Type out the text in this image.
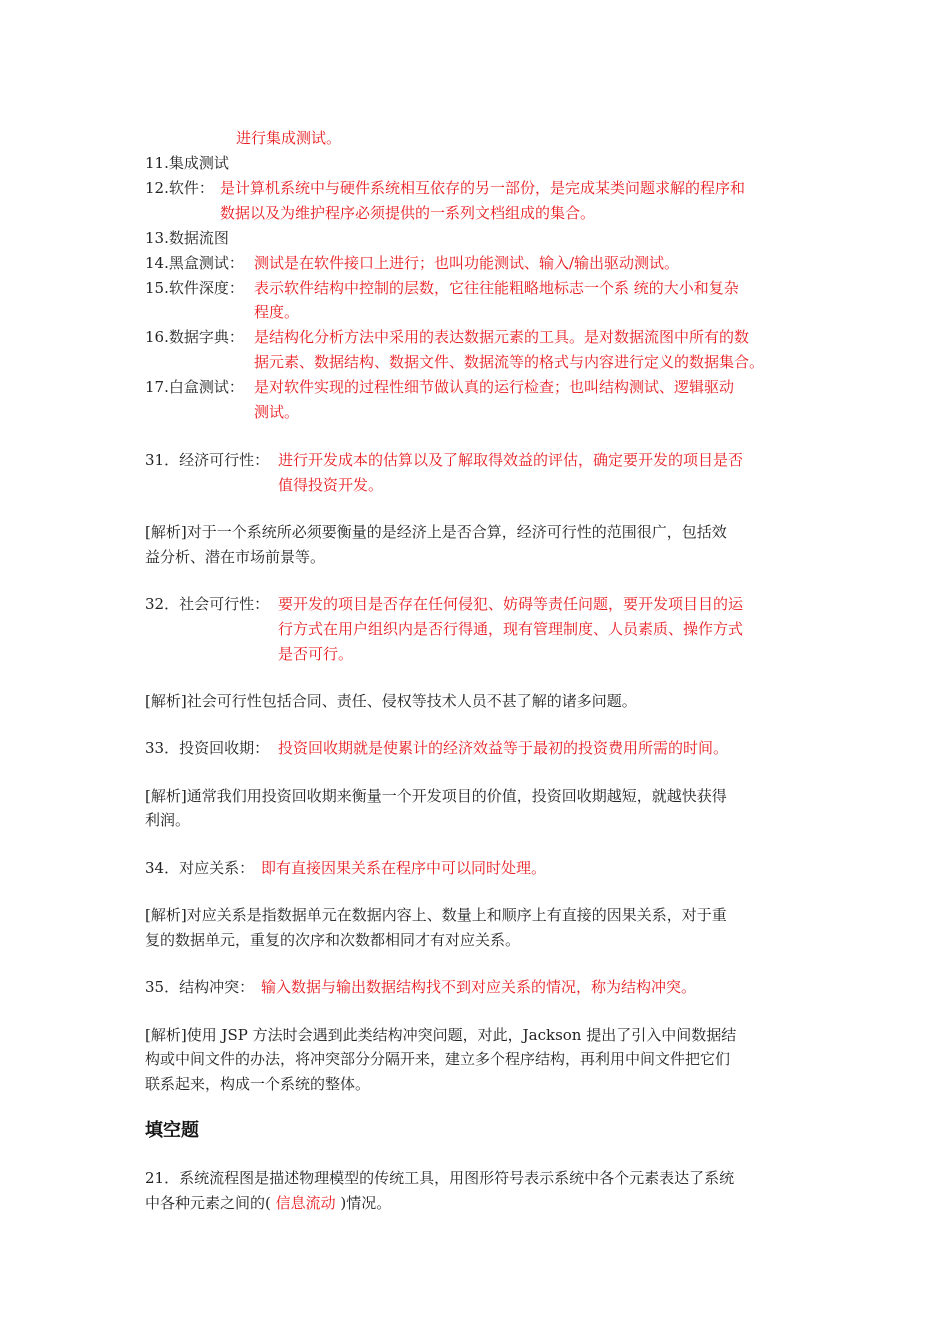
进行集成测试。
11.集成测试
12.软件： 是计算机系统中与硬件系统相互依存的另一部份，是完成某类问题求解的程序和
数据以及为维护程序必须提供的一系列文档组成的集合。
13.数据流图
14.黑盒测试： 测试是在软件接口上进行；也叫功能测试、输入/输出驱动测试。
15.软件深度： 表示软件结构中控制的层数，它往往能粗略地标志一个系 统的大小和复杂
程度。
16.数据字典： 是结构化分析方法中采用的表达数据元素的工具。是对数据流图中所有的数
据元素、数据结构、数据文件、数据流等的格式与内容进行定义的数据集合。
17.白盒测试： 是对软件实现的过程性细节做认真的运行检查；也叫结构测试、逻辑驱动
测试。
31．经济可行性： 进行开发成本的估算以及了解取得效益的评估，确定要开发的项目是否
值得投资开发。
[解析]对于一个系统所必须要衡量的是经济上是否合算，经济可行性的范围很广，包括效
益分析、潜在市场前景等。
32．社会可行性： 要开发的项目是否存在任何侵犯、妨碍等责任问题，要开发项目目的运
行方式在用户组织内是否行得通，现有管理制度、人员素质、操作方式
是否可行。
[解析]社会可行性包括合同、责任、侵权等技术人员不甚了解的诸多问题。
33．投资回收期： 投资回收期就是使累计的经济效益等于最初的投资费用所需的时间。
[解析]通常我们用投资回收期来衡量一个开发项目的价值，投资回收期越短，就越快获得
利润。
34．对应关系： 即有直接因果关系在程序中可以同时处理。
[解析]对应关系是指数据单元在数据内容上、数量上和顺序上有直接的因果关系，对于重
复的数据单元，重复的次序和次数都相同才有对应关系。
35．结构冲突： 输入数据与输出数据结构找不到对应关系的情况，称为结构冲突。
[解析]使用 JSP 方法时会遇到此类结构冲突问题，对此，Jackson 提出了引入中间数据结
构或中间文件的办法，将冲突部分分隔开来，建立多个程序结构，再利用中间文件把它们
联系起来，构成一个系统的整体。
填空题
21．系统流程图是描述物理模型的传统工具，用图形符号表示系统中各个元素表达了系统
中各种元素之间的( 信息流动 )情况。
